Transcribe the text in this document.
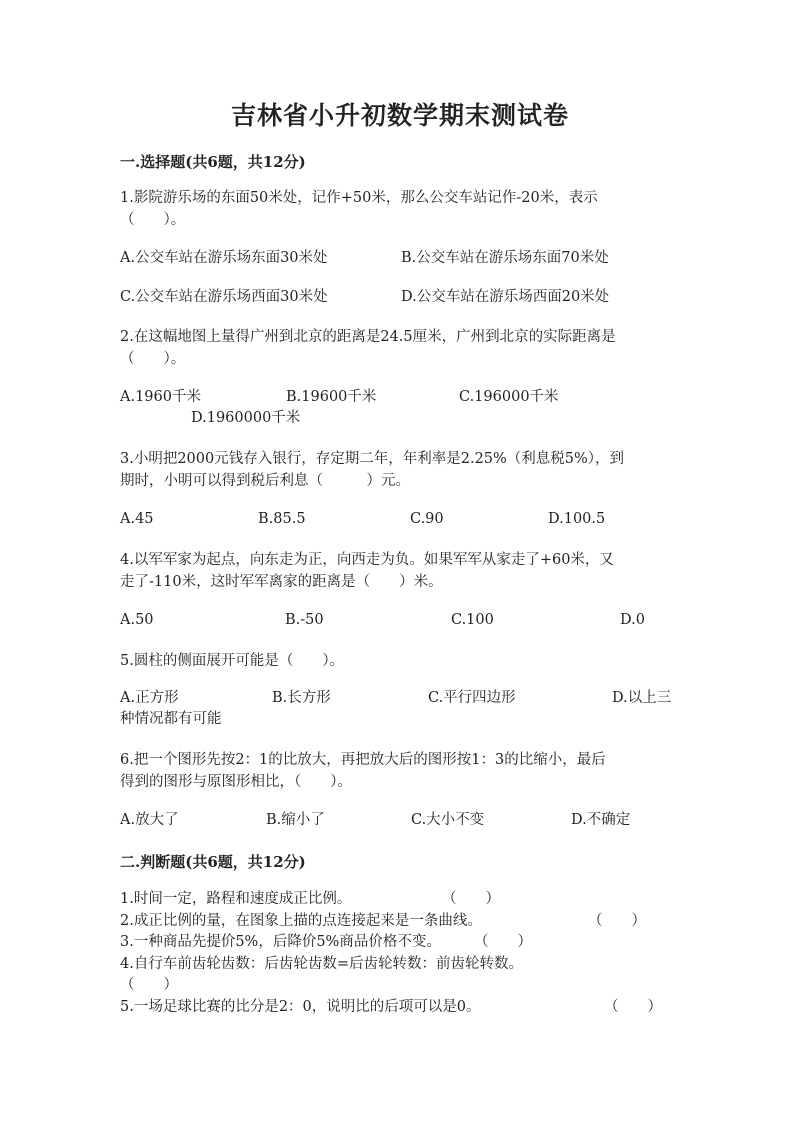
吉林省小升初数学期末测试卷
一.选择题(共6题，共12分)
1.影院游乐场的东面50米处，记作+50米，那么公交车站记作-20米，表示
（　　）。
A.公交车站在游乐场东面30米处	B.公交车站在游乐场东面70米处
C.公交车站在游乐场西面30米处	D.公交车站在游乐场西面20米处
2.在这幅地图上量得广州到北京的距离是24.5厘米，广州到北京的实际距离是
（　　）。
A.1960千米	B.19600千米	C.196000千米
D.1960000千米
3.小明把2000元钱存入银行，存定期二年，年利率是2.25%（利息税5%），到
期时，小明可以得到税后利息（　　　）元。
A.45	B.85.5	C.90	D.100.5
4.以军军家为起点，向东走为正，向西走为负。如果军军从家走了+60米，又
走了-110米，这时军军离家的距离是（　　）米。
A.50	B.-50	C.100	D.0
5.圆柱的侧面展开可能是（　　）。
A.正方形	B.长方形	C.平行四边形	D.以上三
种情况都有可能
6.把一个图形先按2：1的比放大，再把放大后的图形按1：3的比缩小，最后
得到的图形与原图形相比，（　　）。
A.放大了	B.缩小了	C.大小不变	D.不确定
二.判断题(共6题，共12分)
1.时间一定，路程和速度成正比例。	（　　）
2.成正比例的量，在图象上描的点连接起来是一条曲线。	（　　）
3.一种商品先提价5%，后降价5%商品价格不变。 （　　）
4.自行车前齿轮齿数：后齿轮齿数=后齿轮转数：前齿轮转数。
（　　）
5.一场足球比赛的比分是2：0，说明比的后项可以是0。	（　　）
